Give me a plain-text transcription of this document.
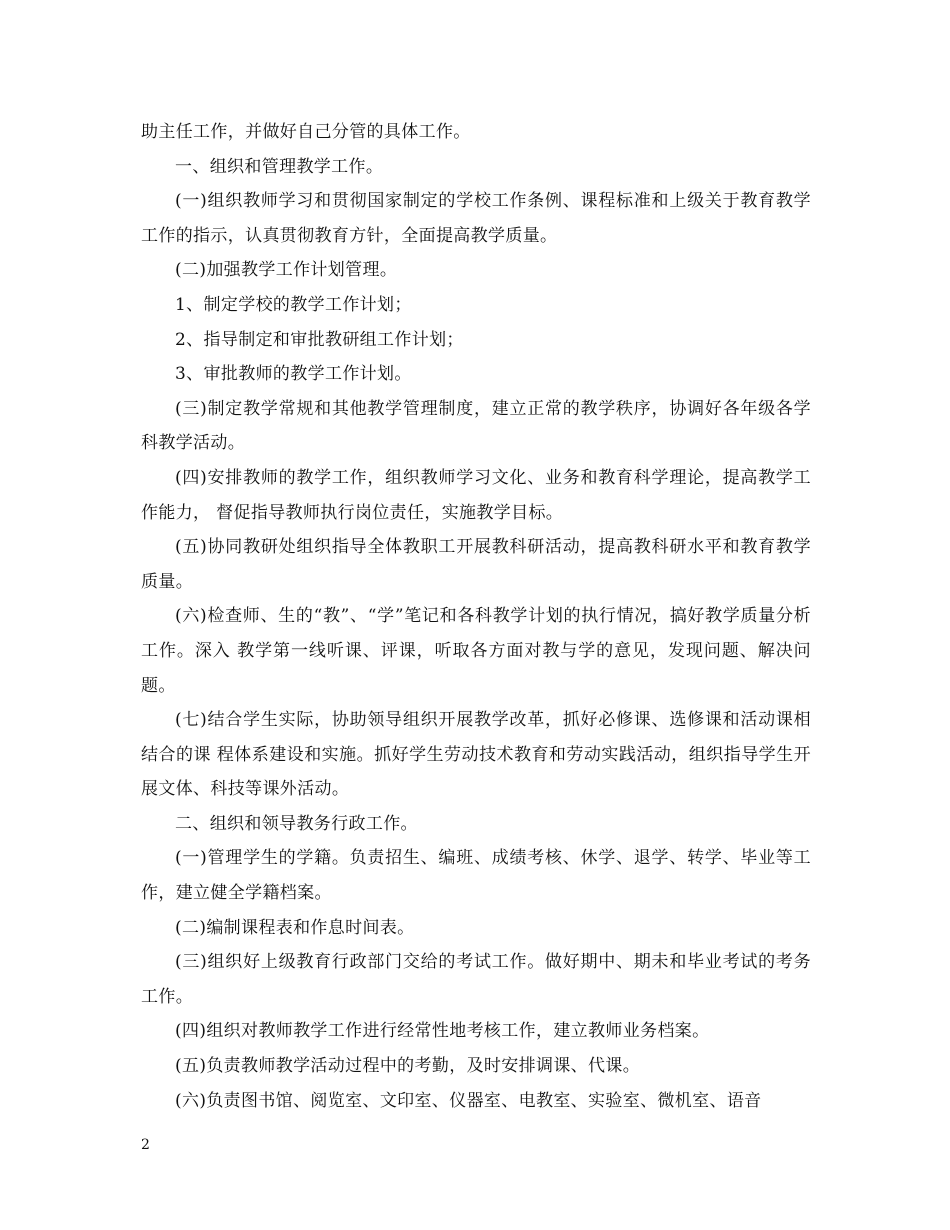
助主任工作，并做好自己分管的具体工作。

一、组织和管理教学工作。

(一)组织教师学习和贯彻国家制定的学校工作条例、课程标准和上级关于教育教学工作的指示，认真贯彻教育方针，全面提高教学质量。

(二)加强教学工作计划管理。

1、制定学校的教学工作计划；

2、指导制定和审批教研组工作计划；

3、审批教师的教学工作计划。

(三)制定教学常规和其他教学管理制度，建立正常的教学秩序，协调好各年级各学科教学活动。

(四)安排教师的教学工作，组织教师学习文化、业务和教育科学理论，提高教学工作能力， 督促指导教师执行岗位责任，实施教学目标。

(五)协同教研处组织指导全体教职工开展教科研活动，提高教科研水平和教育教学质量。

(六)检查师、生的“教”、“学”笔记和各科教学计划的执行情况，搞好教学质量分析工作。深入 教学第一线听课、评课，听取各方面对教与学的意见，发现问题、解决问题。

(七)结合学生实际，协助领导组织开展教学改革，抓好必修课、选修课和活动课相结合的课 程体系建设和实施。抓好学生劳动技术教育和劳动实践活动，组织指导学生开展文体、科技等课外活动。

二、组织和领导教务行政工作。

(一)管理学生的学籍。负责招生、编班、成绩考核、休学、退学、转学、毕业等工作，建立健全学籍档案。

(二)编制课程表和作息时间表。

(三)组织好上级教育行政部门交给的考试工作。做好期中、期未和毕业考试的考务工作。

(四)组织对教师教学工作进行经常性地考核工作，建立教师业务档案。

(五)负责教师教学活动过程中的考勤，及时安排调课、代课。

(六)负责图书馆、阅览室、文印室、仪器室、电教室、实验室、微机室、语音

2
